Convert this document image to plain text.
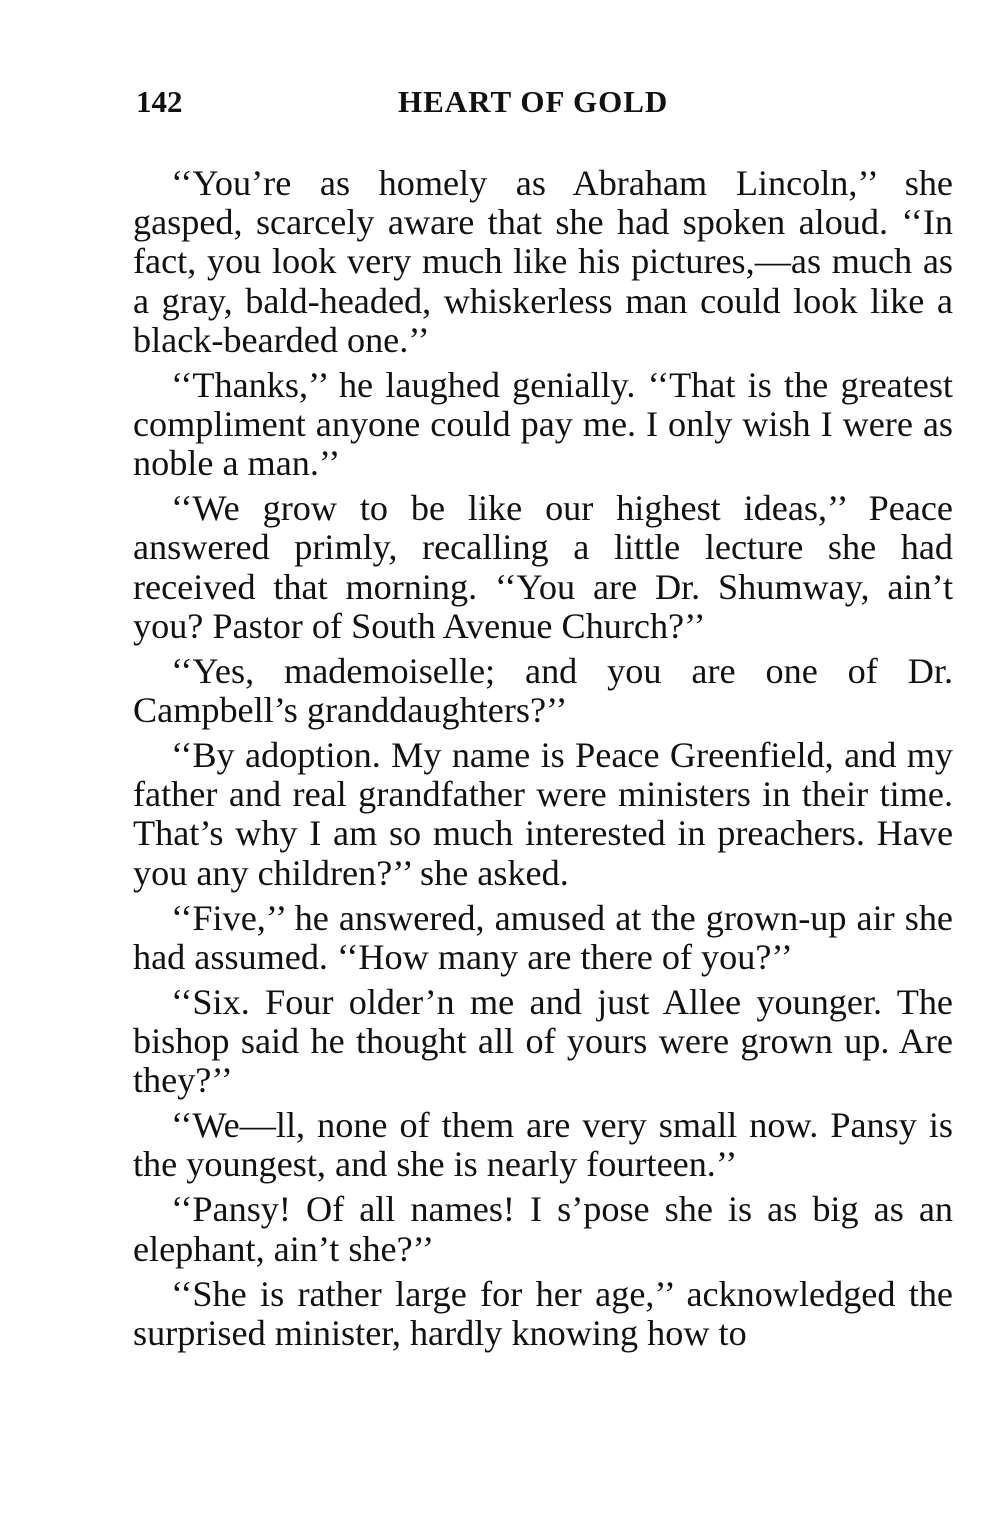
142	HEART OF GOLD

‘‘You’re as homely as Abraham Lincoln,’’ she gasped, scarcely aware that she had spoken aloud. ‘‘In fact, you look very much like his pictures,—as much as a gray, bald-headed, whiskerless man could look like a black-bearded one.’’

‘‘Thanks,’’ he laughed genially. ‘‘That is the greatest compliment anyone could pay me. I only wish I were as noble a man.’’

‘‘We grow to be like our highest ideas,’’ Peace answered primly, recalling a little lecture she had received that morning. ‘‘You are Dr. Shumway, ain’t you? Pastor of South Avenue Church?’’

‘‘Yes, mademoiselle; and you are one of Dr. Campbell’s granddaughters?’’

‘‘By adoption. My name is Peace Greenfield, and my father and real grandfather were ministers in their time. That’s why I am so much interested in preachers. Have you any children?’’ she asked.

‘‘Five,’’ he answered, amused at the grown-up air she had assumed. ‘‘How many are there of you?’’

‘‘Six. Four older’n me and just Allee younger. The bishop said he thought all of yours were grown up. Are they?’’

‘‘We—ll, none of them are very small now. Pansy is the youngest, and she is nearly fourteen.’’

‘‘Pansy! Of all names! I s’pose she is as big as an elephant, ain’t she?’’

‘‘She is rather large for her age,’’ acknowledged the surprised minister, hardly knowing how to
